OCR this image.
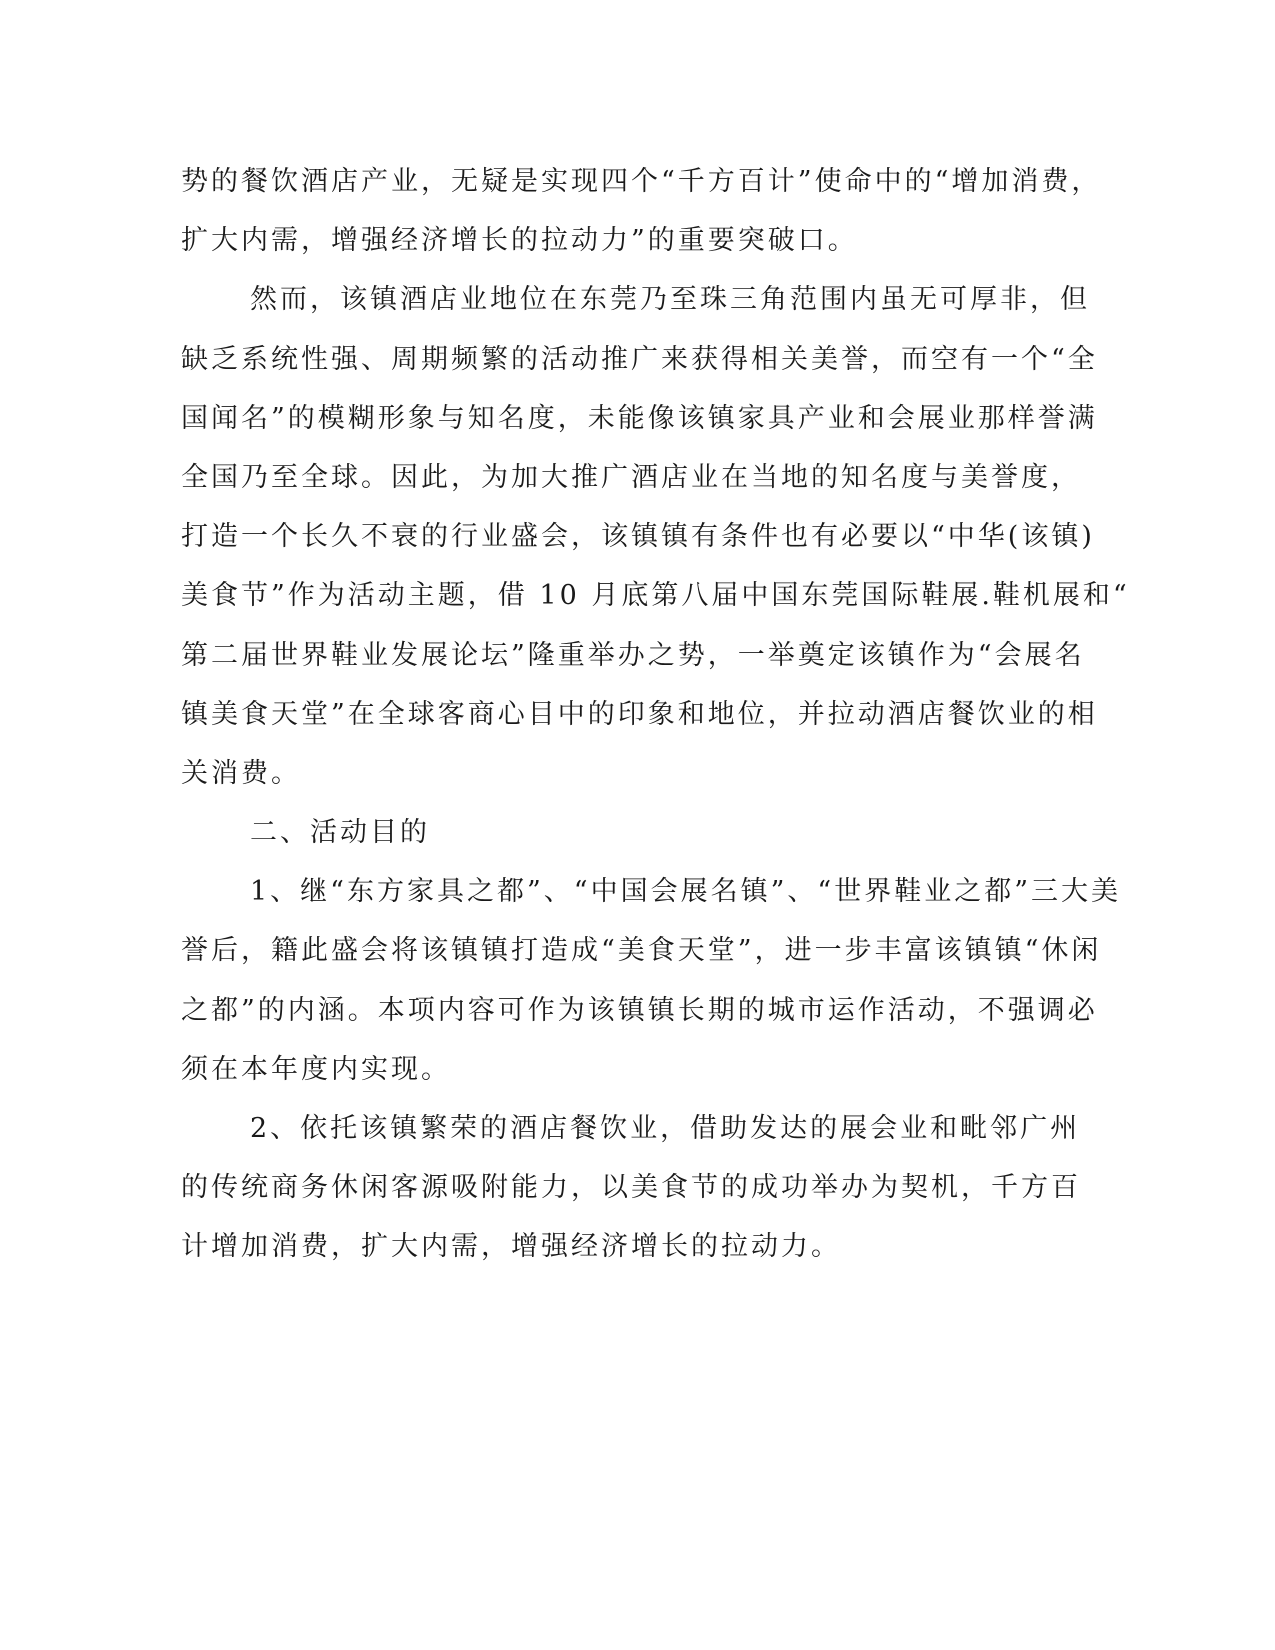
势的餐饮酒店产业，无疑是实现四个“千方百计”使命中的“增加消费，
扩大内需，增强经济增长的拉动力”的重要突破口。
然而，该镇酒店业地位在东莞乃至珠三角范围内虽无可厚非，但
缺乏系统性强、周期频繁的活动推广来获得相关美誉，而空有一个“全
国闻名”的模糊形象与知名度，未能像该镇家具产业和会展业那样誉满
全国乃至全球。因此，为加大推广酒店业在当地的知名度与美誉度，
打造一个长久不衰的行业盛会，该镇镇有条件也有必要以“中华(该镇)
美食节”作为活动主题，借 10 月底第八届中国东莞国际鞋展.鞋机展和“
第二届世界鞋业发展论坛”隆重举办之势，一举奠定该镇作为“会展名
镇美食天堂”在全球客商心目中的印象和地位，并拉动酒店餐饮业的相
关消费。
二、活动目的
1、继“东方家具之都”、“中国会展名镇”、“世界鞋业之都”三大美
誉后，籍此盛会将该镇镇打造成“美食天堂”，进一步丰富该镇镇“休闲
之都”的内涵。本项内容可作为该镇镇长期的城市运作活动，不强调必
须在本年度内实现。
2、依托该镇繁荣的酒店餐饮业，借助发达的展会业和毗邻广州
的传统商务休闲客源吸附能力，以美食节的成功举办为契机，千方百
计增加消费，扩大内需，增强经济增长的拉动力。
